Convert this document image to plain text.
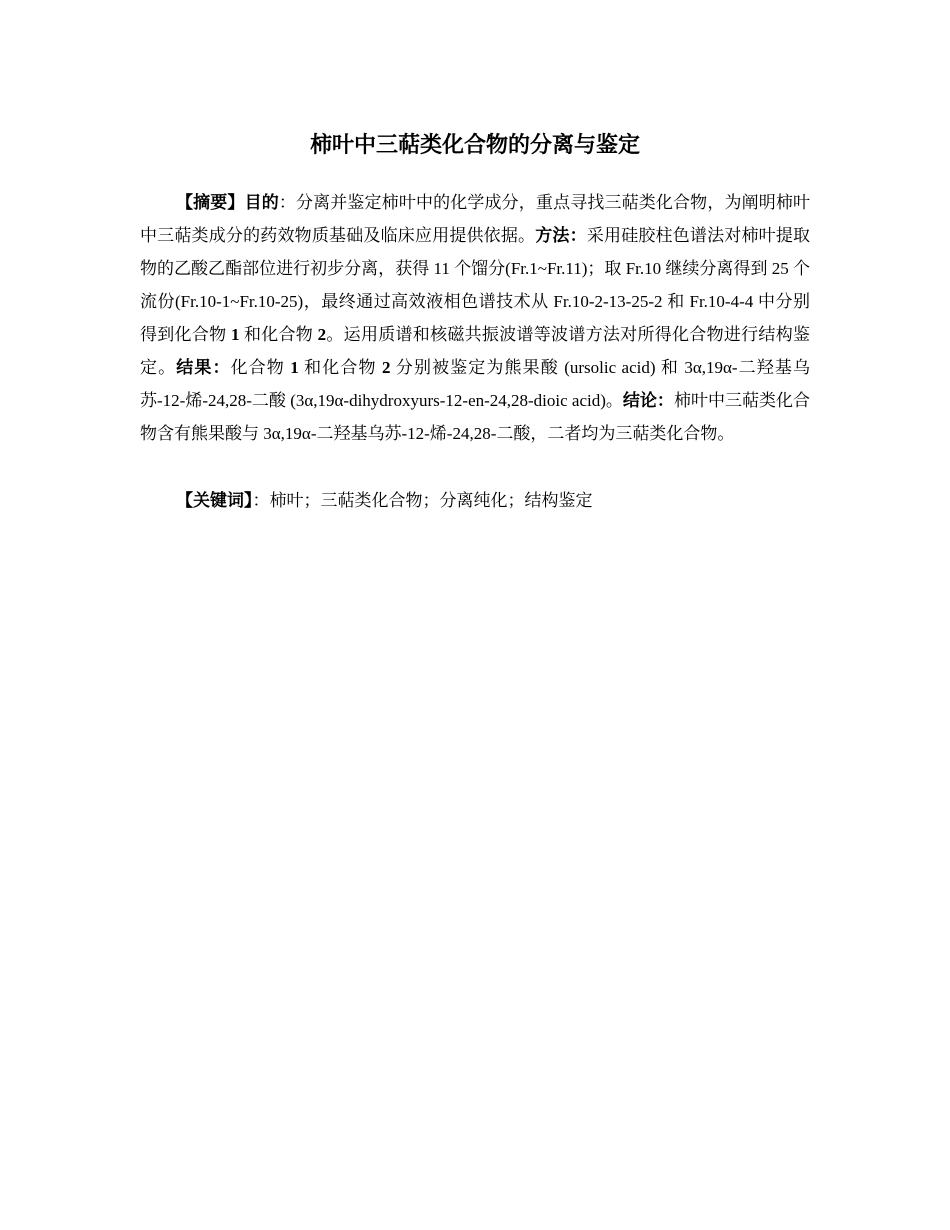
柿叶中三萜类化合物的分离与鉴定

【摘要】目的：分离并鉴定柿叶中的化学成分，重点寻找三萜类化合物，为阐明柿叶中三萜类成分的药效物质基础及临床应用提供依据。方法：采用硅胶柱色谱法对柿叶提取物的乙酸乙酯部位进行初步分离，获得 11 个馏分(Fr.1~Fr.11)；取 Fr.10 继续分离得到 25 个流份(Fr.10-1~Fr.10-25)，最终通过高效液相色谱技术从 Fr.10-2-13-25-2 和 Fr.10-4-4 中分别得到化合物 1 和化合物 2。运用质谱和核磁共振波谱等波谱方法对所得化合物进行结构鉴定。结果：化合物 1 和化合物 2 分别被鉴定为熊果酸 (ursolic acid) 和 3α,19α-二羟基乌苏-12-烯-24,28-二酸 (3α,19α-dihydroxyurs-12-en-24,28-dioic acid)。结论：柿叶中三萜类化合物含有熊果酸与 3α,19α-二羟基乌苏-12-烯-24,28-二酸，二者均为三萜类化合物。

【关键词】：柿叶；三萜类化合物；分离纯化；结构鉴定
